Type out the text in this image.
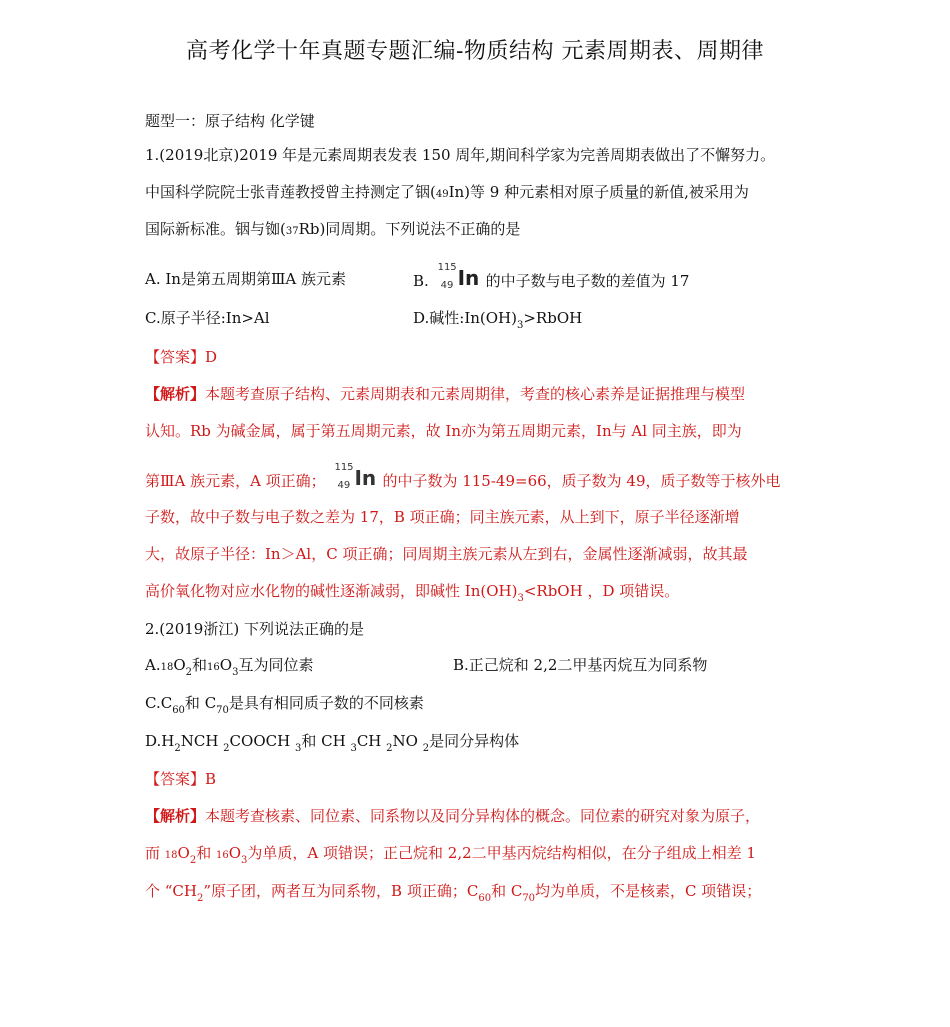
高考化学十年真题专题汇编-物质结构 元素周期表、周期律
题型一：原子结构 化学键
1.(2019北京)2019 年是元素周期表发表 150 周年,期间科学家为完善周期表做出了不懈努力。
中国科学院院士张青莲教授曾主持测定了铟(49In)等 9 种元素相对原子质量的新值,被采用为
国际新标准。铟与铷(37Rb)同周期。下列说法不正确的是
A. In是第五周期第ⅢA 族元素	B.
115
49 In 的中子数与电子数的差值为 17
C.原子半径:In>Al	D.碱性$:In(OH)_3>RbOH$
【答案】D
【解析】本题考查原子结构、元素周期表和元素周期律，考查的核心素养是证据推理与模型
认知。Rb 为碱金属，属于第五周期元素，故 In亦为第五周期元素，In与 Al 同主族，即为
第ⅢA 族元素，A 项正确；
115
49 In 的中子数为 115-49=66，质子数为 49，质子数等于核外电
子数，故中子数与电子数之差为 17，B 项正确；同主族元素，从上到下，原子半径逐渐增
大，故原子半径：In＞Al，C 项正确；同周期主族元素从左到右，金属性逐渐减弱，故其最
高价氧化物对应水化物的碱性逐渐减弱，即碱性 $In(OH)_3<RbOH$ ，D 项错误。
2.(2019浙江) 下列说法正确的是
$A.18O_2$和$16O_3$互为同位素	B.正己烷和 2,2二甲基丙烷互为同系物
$C.C_{60}$和 $C_{70}$是具有相同质子数的不同核素
$D.H_2NCH$ $_2$COOCH $_3$和 CH $_3$CH $_2$NO $_2$是同分异构体
【答案】B
【解析】本题考查核素、同位素、同系物以及同分异构体的概念。同位素的研究对象为原子，
而 $18O_2$和 $16O_3$为单质，A 项错误；正己烷和 2,2二甲基丙烷结构相似，在分子组成上相差 1
个 “$CH_2$”原子团，两者互为同系物，B 项正确；$C_{60}$和 $C_{70}$均为单质，不是核素，C 项错误；
